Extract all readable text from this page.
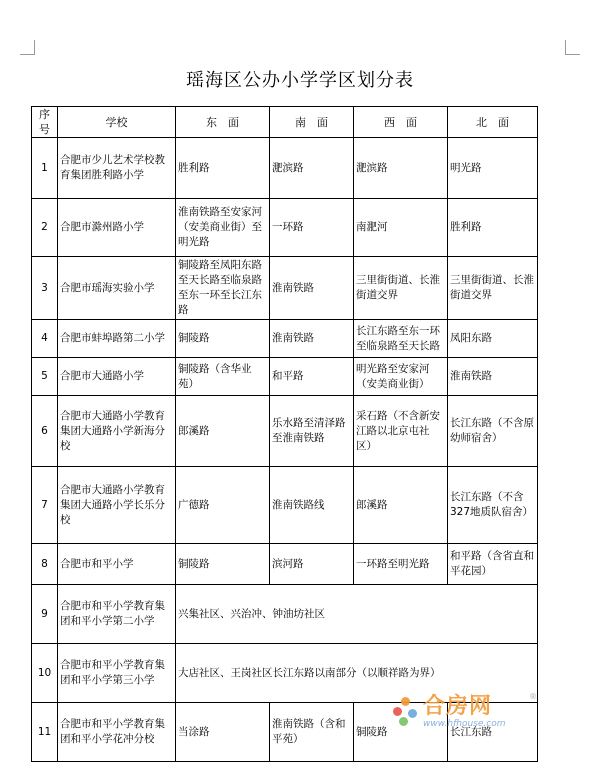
瑶海区公办小学学区划分表
序号	学校	东　面	南　面	西　面	北　面
1	合肥市少儿艺术学校教育集团胜利路小学	胜利路	淝滨路	淝滨路	明光路
2	合肥市滁州路小学	淮南铁路至安家河（安美商业街）至明光路	一环路	南淝河	胜利路
3	合肥市瑶海实验小学	铜陵路至凤阳东路至天长路至临泉路至东一环至长江东路	淮南铁路	三里街街道、长淮街道交界	三里街街道、长淮街道交界
4	合肥市蚌埠路第二小学	铜陵路	淮南铁路	长江东路至东一环至临泉路至天长路	凤阳东路
5	合肥市大通路小学	铜陵路（含华业苑）	和平路	明光路至安家河（安美商业街）	淮南铁路
6	合肥市大通路小学教育集团大通路小学新海分校	郎溪路	乐水路至清泽路至淮南铁路	采石路（不含新安江路以北京屯社区）	长江东路（不含原幼师宿舍）
7	合肥市大通路小学教育集团大通路小学长乐分校	广德路	淮南铁路线	郎溪路	长江东路（不含327地质队宿舍）
8	合肥市和平小学	铜陵路	滨河路	一环路至明光路	和平路（含省直和平花园）
9	合肥市和平小学教育集团和平小学第二小学	兴集社区、兴治冲、钟油坊社区			
10	合肥市和平小学教育集团和平小学第三小学	大店社区、王岗社区长江东路以南部分（以顺祥路为界）			
11	合肥市和平小学教育集团和平小学花冲分校	当涂路	淮南铁路（含和平苑）	铜陵路	长江东路
合房网
www.hfhouse.com
®
